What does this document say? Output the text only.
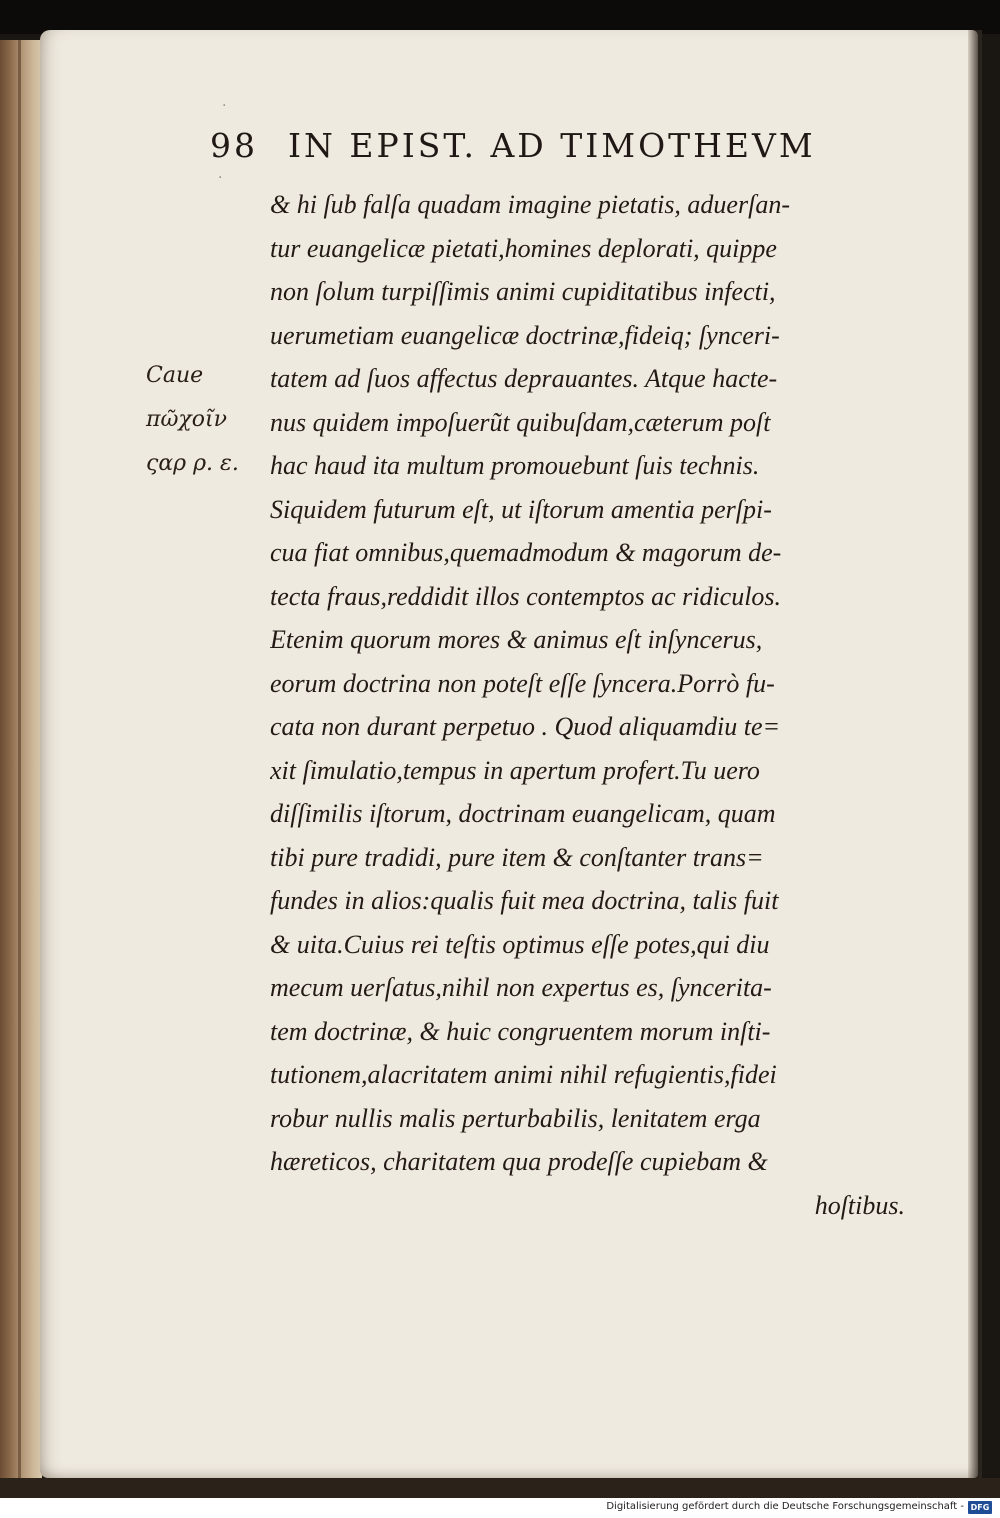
·
·
98 IN EPIST. AD TIMOTHEVM
Caue
πῶχοῖν
ςαρ ρ. ε.
& hi ſub falſa quadam imagine pietatis, aduerſan-
tur euangelicæ pietati,homines deplorati, quippe
non ſolum turpiſſimis animi cupiditatibus infecti,
uerumetiam euangelicæ doctrinæ,fideiq; ſynceri-
tatem ad ſuos affectus deprauantes. Atque hacte-
nus quidem impoſuerũt quibuſdam,cæterum poſt
hac haud ita multum promouebunt ſuis technis.
Siquidem futurum eſt, ut iſtorum amentia perſpi-
cua fiat omnibus,quemadmodum & magorum de-
tecta fraus,reddidit illos contemptos ac ridiculos.
Etenim quorum mores & animus eſt inſyncerus,
eorum doctrina non poteſt eſſe ſyncera.Porrò fu-
cata non durant perpetuo . Quod aliquamdiu te=
xit ſimulatio,tempus in apertum profert.Tu uero
diſſimilis iſtorum, doctrinam euangelicam, quam
tibi pure tradidi, pure item & conſtanter trans=
fundes in alios:qualis fuit mea doctrina, talis fuit
& uita.Cuius rei teſtis optimus eſſe potes,qui diu
mecum uerſatus,nihil non expertus es, ſyncerita-
tem doctrinæ, & huic congruentem morum inſti-
tutionem,alacritatem animi nihil refugientis,fidei
robur nullis malis perturbabilis, lenitatem erga
hæreticos, charitatem qua prodeſſe cupiebam &
hoſtibus.
Digitalisierung gefördert durch die Deutsche Forschungsgemeinschaft - DFG
